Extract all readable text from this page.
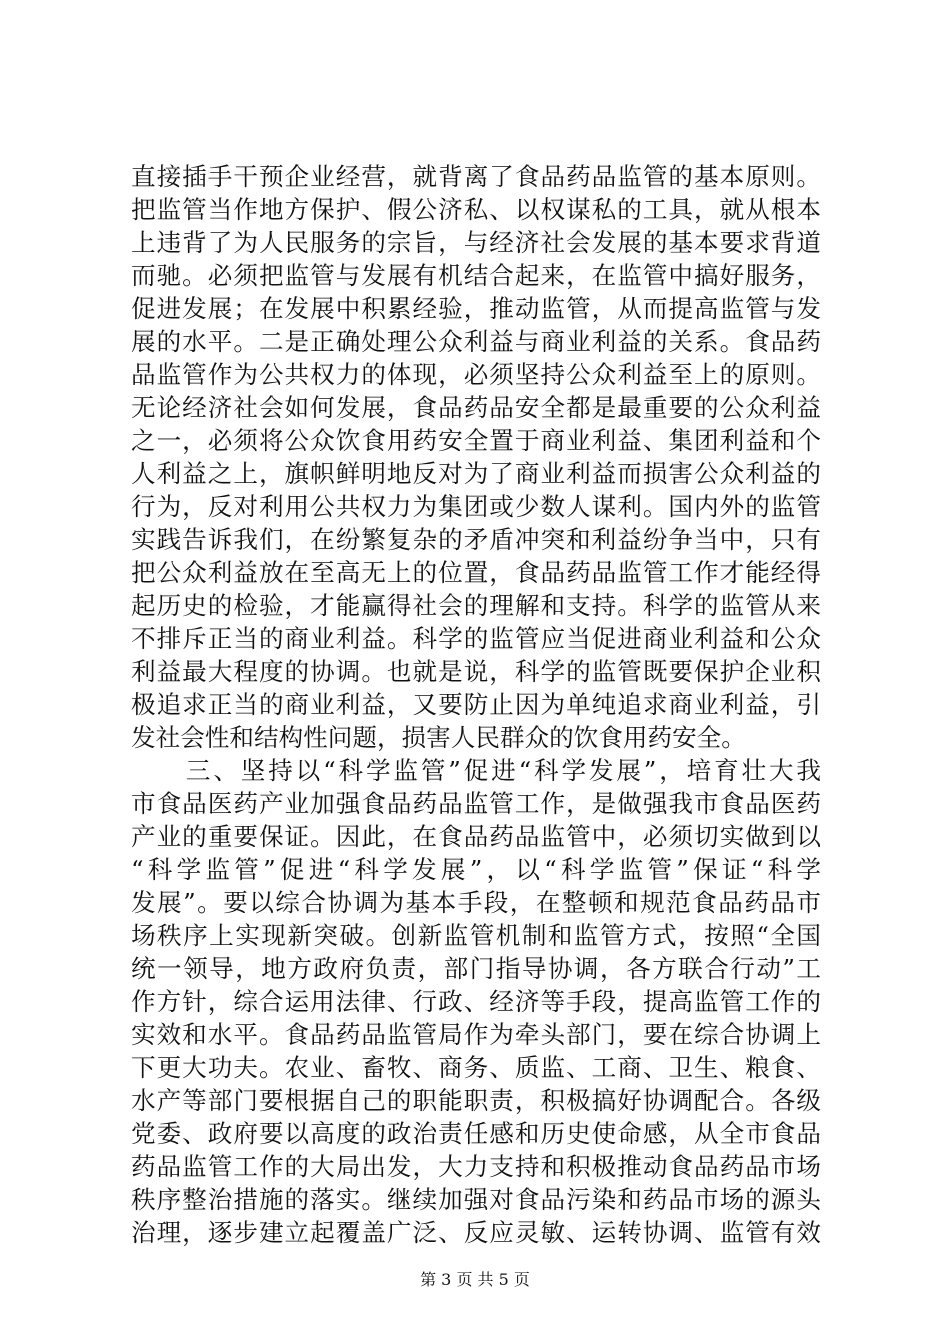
直接插手干预企业经营，就背离了食品药品监管的基本原则。
把监管当作地方保护、假公济私、以权谋私的工具，就从根本
上违背了为人民服务的宗旨，与经济社会发展的基本要求背道
而驰。必须把监管与发展有机结合起来，在监管中搞好服务，
促进发展；在发展中积累经验，推动监管，从而提高监管与发
展的水平。二是正确处理公众利益与商业利益的关系。食品药
品监管作为公共权力的体现，必须坚持公众利益至上的原则。
无论经济社会如何发展，食品药品安全都是最重要的公众利益
之一，必须将公众饮食用药安全置于商业利益、集团利益和个
人利益之上，旗帜鲜明地反对为了商业利益而损害公众利益的
行为，反对利用公共权力为集团或少数人谋利。国内外的监管
实践告诉我们，在纷繁复杂的矛盾冲突和利益纷争当中，只有
把公众利益放在至高无上的位置，食品药品监管工作才能经得
起历史的检验，才能赢得社会的理解和支持。科学的监管从来
不排斥正当的商业利益。科学的监管应当促进商业利益和公众
利益最大程度的协调。也就是说，科学的监管既要保护企业积
极追求正当的商业利益，又要防止因为单纯追求商业利益，引
发社会性和结构性问题，损害人民群众的饮食用药安全。
　　三、坚持以“科学监管”促进“科学发展”，培育壮大我
市食品医药产业加强食品药品监管工作，是做强我市食品医药
产业的重要保证。因此，在食品药品监管中，必须切实做到以
“科学监管”促进“科学发展”，以“科学监管”保证“科学
发展”。要以综合协调为基本手段，在整顿和规范食品药品市
场秩序上实现新突破。创新监管机制和监管方式，按照“全国
统一领导，地方政府负责，部门指导协调，各方联合行动”工
作方针，综合运用法律、行政、经济等手段，提高监管工作的
实效和水平。食品药品监管局作为牵头部门，要在综合协调上
下更大功夫。农业、畜牧、商务、质监、工商、卫生、粮食、
水产等部门要根据自己的职能职责，积极搞好协调配合。各级
党委、政府要以高度的政治责任感和历史使命感，从全市食品
药品监管工作的大局出发，大力支持和积极推动食品药品市场
秩序整治措施的落实。继续加强对食品污染和药品市场的源头
治理，逐步建立起覆盖广泛、反应灵敏、运转协调、监管有效
第 3 页 共 5 页
